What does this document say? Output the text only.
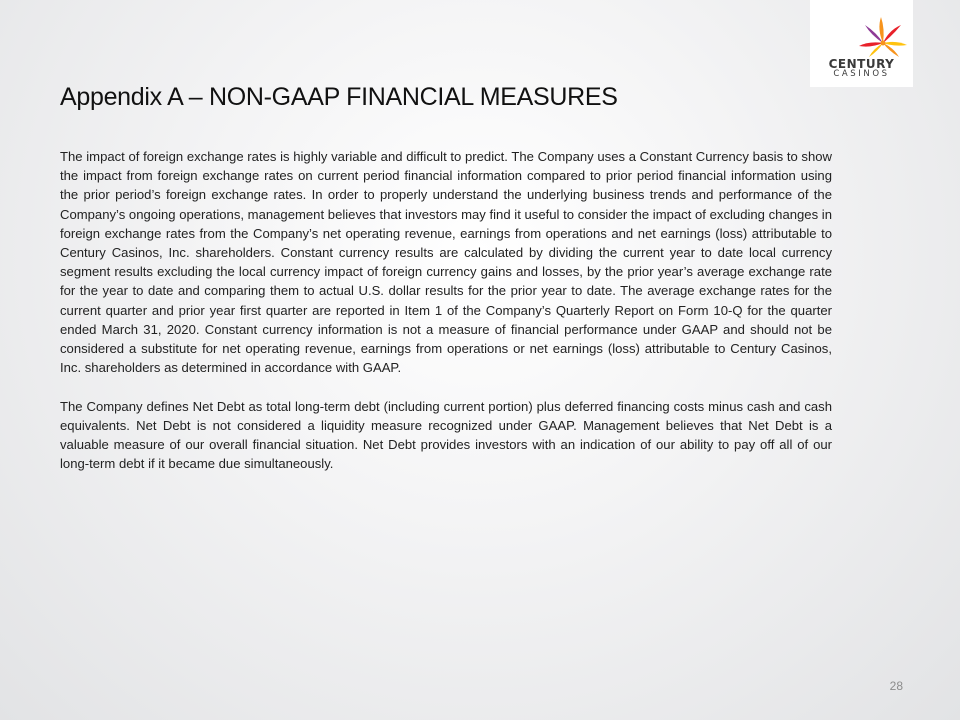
CENTURY
CASINOS
Appendix A – NON-GAAP FINANCIAL MEASURES

The impact of foreign exchange rates is highly variable and difficult to predict. The Company uses a Constant Currency basis to show the impact from foreign exchange rates on current period financial information compared to prior period financial information using the prior period’s foreign exchange rates. In order to properly understand the underlying business trends and performance of the Company’s ongoing operations, management believes that investors may find it useful to consider the impact of excluding changes in foreign exchange rates from the Company’s net operating revenue, earnings from operations and net earnings (loss) attributable to Century Casinos, Inc. shareholders. Constant currency results are calculated by dividing the current year to date local currency segment results excluding the local currency impact of foreign currency gains and losses, by the prior year’s average exchange rate for the year to date and comparing them to actual U.S. dollar results for the prior year to date. The average exchange rates for the current quarter and prior year first quarter are reported in Item 1 of the Company’s Quarterly Report on Form 10-Q for the quarter ended March 31, 2020. Constant currency information is not a measure of financial performance under GAAP and should not be considered a substitute for net operating revenue, earnings from operations or net earnings (loss) attributable to Century Casinos, Inc. shareholders as determined in accordance with GAAP.

The Company defines Net Debt as total long-term debt (including current portion) plus deferred financing costs minus cash and cash equivalents. Net Debt is not considered a liquidity measure recognized under GAAP. Management believes that Net Debt is a valuable measure of our overall financial situation. Net Debt provides investors with an indication of our ability to pay off all of our long-term debt if it became due simultaneously.

28
